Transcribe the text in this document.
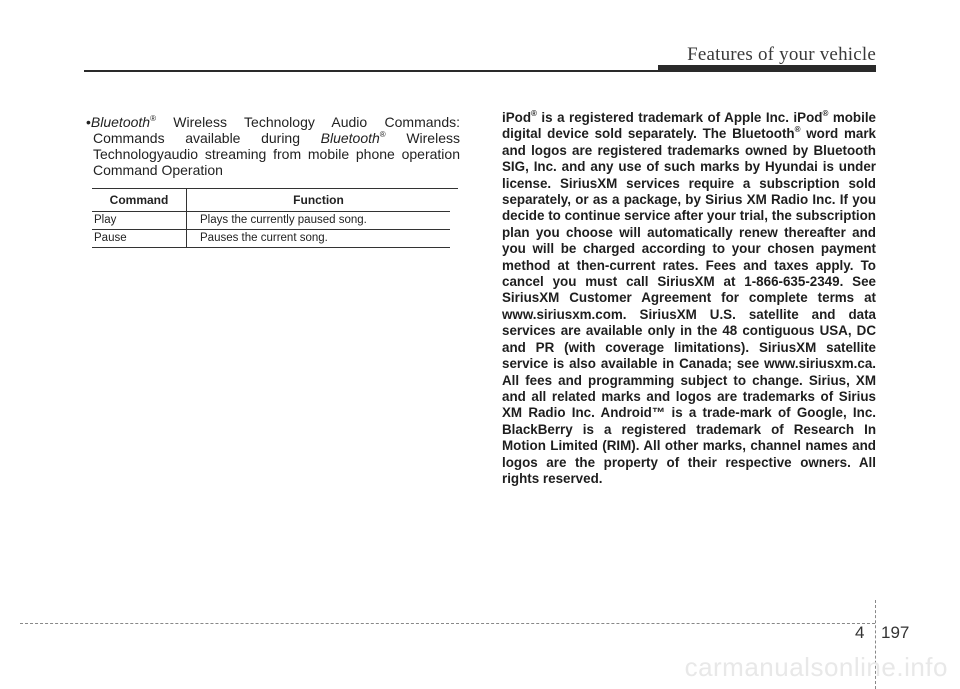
Features of your vehicle

•Bluetooth® Wireless Technology Audio Commands: Commands available during Bluetooth® Wireless Technologyaudio streaming from mobile phone operation Command Operation

Command	Function
Play	Plays the currently paused song.
Pause	Pauses the current song.

iPod® is a registered trademark of Apple Inc. iPod® mobile digital device sold separately. The Bluetooth® word mark and logos are registered trademarks owned by Bluetooth SIG, Inc. and any use of such marks by Hyundai is under license. SiriusXM services require a subscription sold separately, or as a package, by Sirius XM Radio Inc. If you decide to continue service after your trial, the subscription plan you choose will automatically renew thereafter and you will be charged according to your chosen payment method at then-current rates. Fees and taxes apply. To cancel you must call SiriusXM at 1-866-635-2349. See SiriusXM Customer Agreement for complete terms at www.siriusxm.com. SiriusXM U.S. satellite and data services are available only in the 48 contiguous USA, DC and PR (with coverage limitations). SiriusXM satellite service is also available in Canada; see www.siriusxm.ca. All fees and programming subject to change. Sirius, XM and all related marks and logos are trademarks of Sirius XM Radio Inc. Android™ is a trade-mark of Google, Inc. BlackBerry is a registered trademark of Research In Motion Limited (RIM). All other marks, channel names and logos are the property of their respective owners. All rights reserved.

4 197
carmanualsonline.info
